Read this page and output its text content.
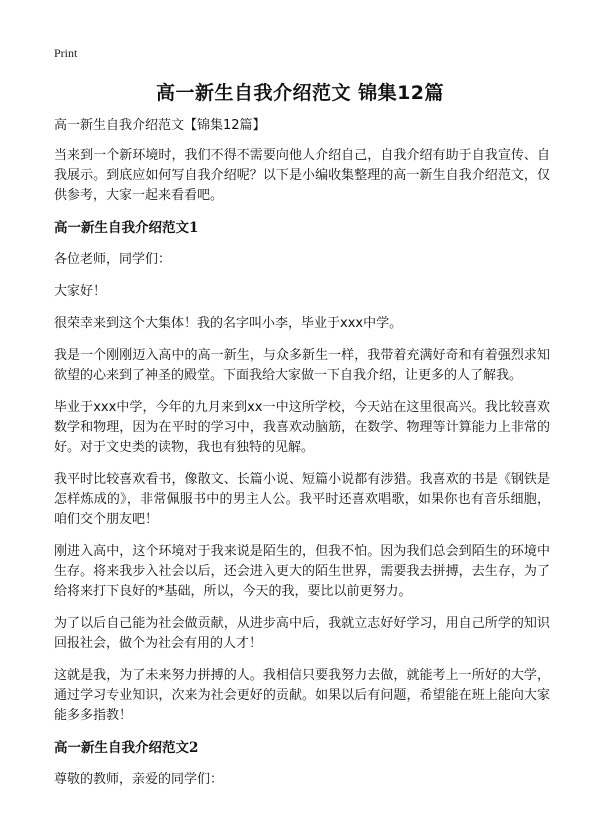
Print

高一新生自我介绍范文 锦集12篇

高一新生自我介绍范文【锦集12篇】

当来到一个新环境时，我们不得不需要向他人介绍自己，自我介绍有助于自我宣传、自我展示。到底应如何写自我介绍呢？以下是小编收集整理的高一新生自我介绍范文，仅供参考，大家一起来看看吧。

高一新生自我介绍范文1

各位老师，同学们：

大家好！

很荣幸来到这个大集体！我的名字叫小李，毕业于xxx中学。

我是一个刚刚迈入高中的高一新生，与众多新生一样，我带着充满好奇和有着强烈求知欲望的心来到了神圣的殿堂。下面我给大家做一下自我介绍，让更多的人了解我。

毕业于xxx中学，今年的九月来到xx一中这所学校，今天站在这里很高兴。我比较喜欢数学和物理，因为在平时的学习中，我喜欢动脑筋，在数学、物理等计算能力上非常的好。对于文史类的读物，我也有独特的见解。

我平时比较喜欢看书，像散文、长篇小说、短篇小说都有涉猎。我喜欢的书是《钢铁是怎样炼成的》，非常佩服书中的男主人公。我平时还喜欢唱歌，如果你也有音乐细胞，咱们交个朋友吧！

刚进入高中，这个环境对于我来说是陌生的，但我不怕。因为我们总会到陌生的环境中生存。将来我步入社会以后，还会进入更大的陌生世界，需要我去拼搏，去生存，为了给将来打下良好的*基础，所以，今天的我，要比以前更努力。

为了以后自己能为社会做贡献，从进步高中后，我就立志好好学习，用自己所学的知识回报社会，做个为社会有用的人才！

这就是我，为了未来努力拼搏的人。我相信只要我努力去做，就能考上一所好的大学，通过学习专业知识，次来为社会更好的贡献。如果以后有问题，希望能在班上能向大家能多多指教！

高一新生自我介绍范文2

尊敬的教师，亲爱的同学们：
